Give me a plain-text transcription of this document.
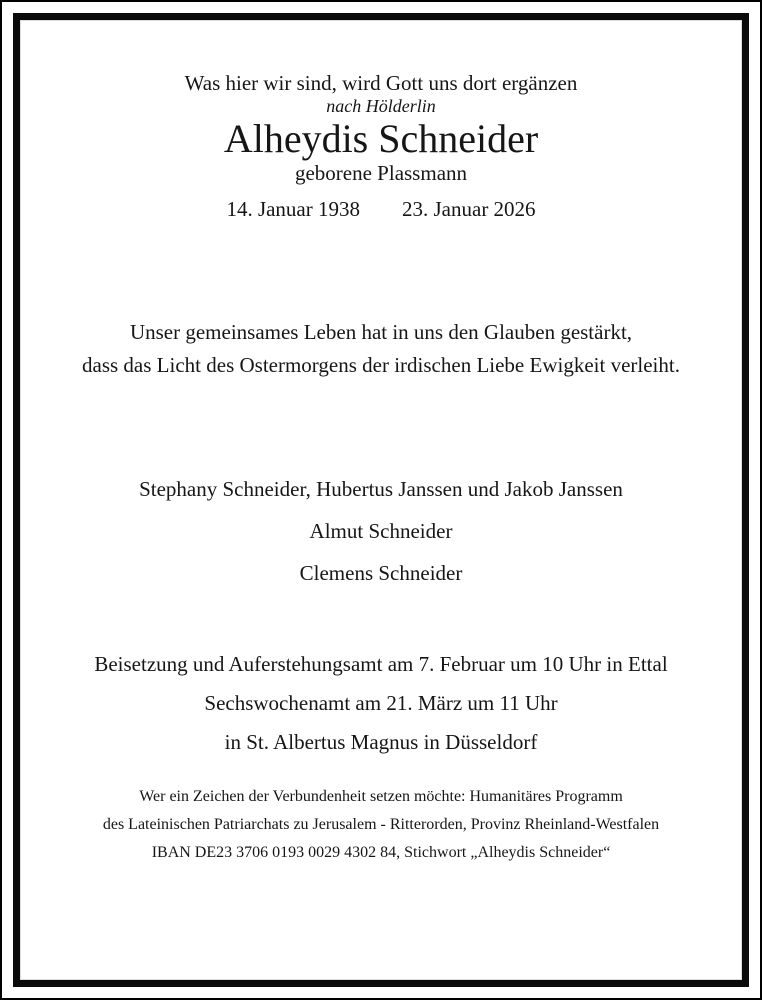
Was hier wir sind, wird Gott uns dort ergänzen

nach Hölderlin

Alheydis Schneider

geborene Plassmann

14. Januar 1938 23. Januar 2026

Unser gemeinsames Leben hat in uns den Glauben gestärkt,

dass das Licht des Ostermorgens der irdischen Liebe Ewigkeit verleiht.

Stephany Schneider, Hubertus Janssen und Jakob Janssen

Almut Schneider

Clemens Schneider

Beisetzung und Auferstehungsamt am 7. Februar um 10 Uhr in Ettal

Sechswochenamt am 21. März um 11 Uhr

in St. Albertus Magnus in Düsseldorf

Wer ein Zeichen der Verbundenheit setzen möchte: Humanitäres Programm

des Lateinischen Patriarchats zu Jerusalem - Ritterorden, Provinz Rheinland-Westfalen

IBAN DE23 3706 0193 0029 4302 84, Stichwort „Alheydis Schneider“
